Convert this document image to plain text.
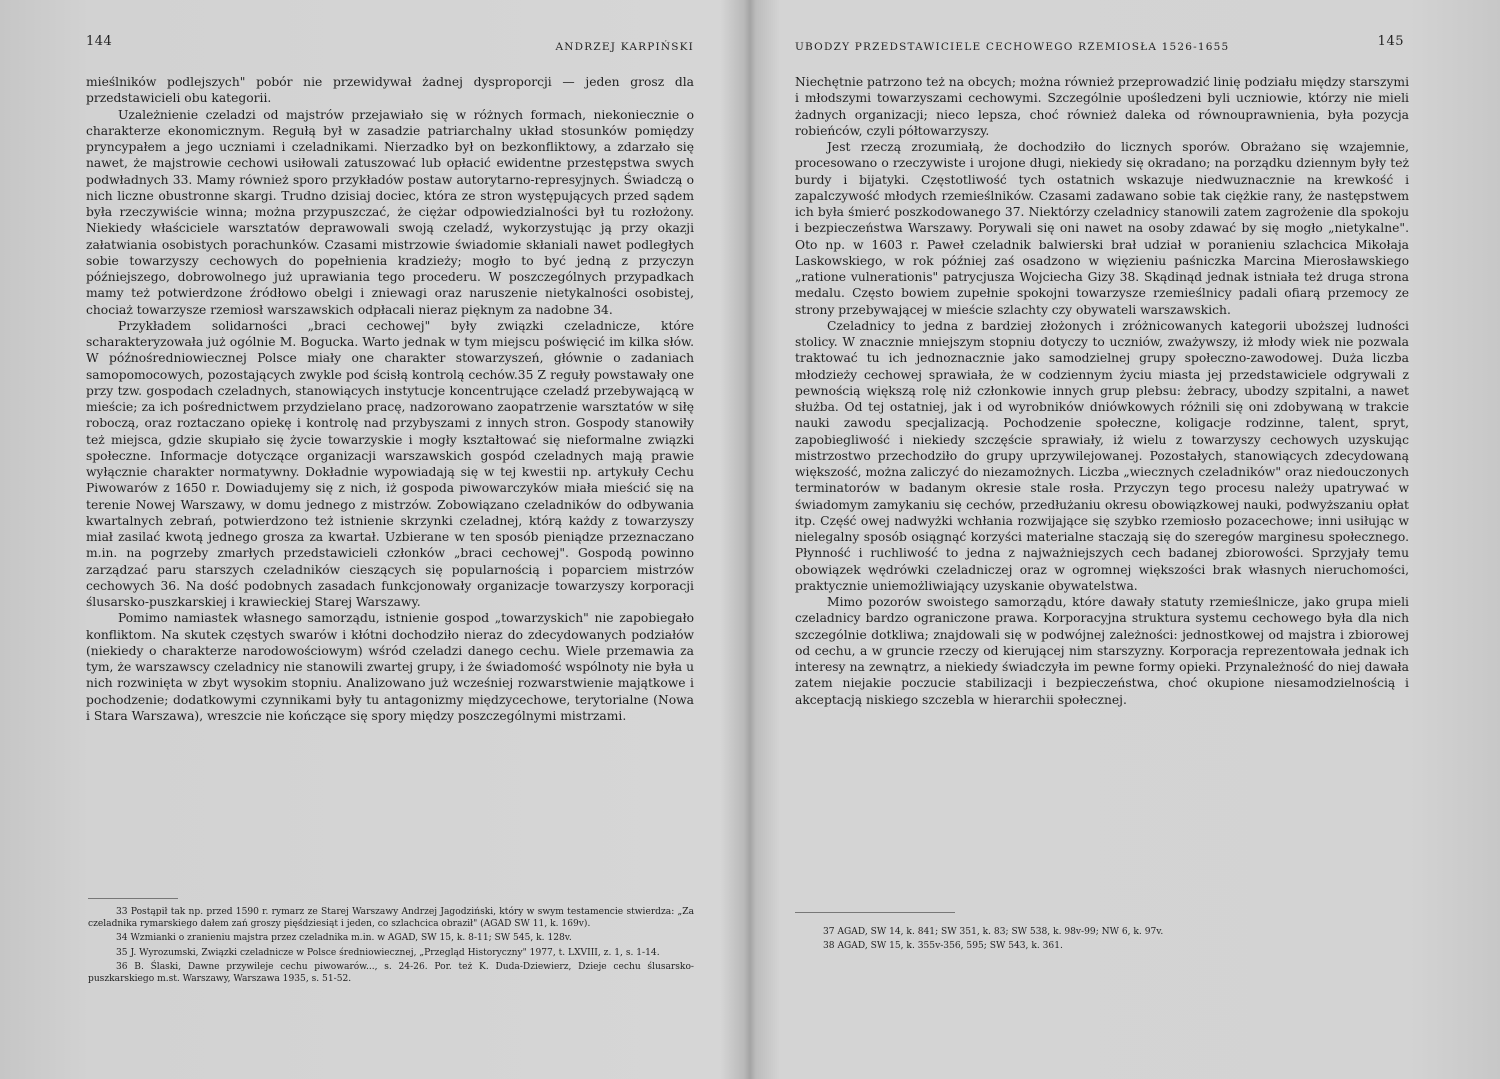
144	ANDRZEJ KARPIŃSKI

mieślników podlejszych" pobór nie przewidywał żadnej dysproporcji — jeden grosz dla przedstawicieli obu kategorii.

Uzależnienie czeladzi od majstrów przejawiało się w różnych formach, niekoniecznie o charakterze ekonomicznym. Regułą był w zasadzie patriarchalny układ stosunków pomiędzy pryncypałem a jego uczniami i czeladnikami. Nierzadko był on bezkonfliktowy, a zdarzało się nawet, że majstrowie cechowi usiłowali zatuszować lub opłacić ewidentne przestępstwa swych podwładnych 33. Mamy również sporo przykładów postaw autorytarno-represyjnych. Świadczą o nich liczne obustronne skargi. Trudno dzisiaj dociec, która ze stron występujących przed sądem była rzeczywiście winna; można przypuszczać, że ciężar odpowiedzialności był tu rozłożony. Niekiedy właściciele warsztatów deprawowali swoją czeladź, wykorzystując ją przy okazji załatwiania osobistych porachunków. Czasami mistrzowie świadomie skłaniali nawet podległych sobie towarzyszy cechowych do popełnienia kradzieży; mogło to być jedną z przyczyn późniejszego, dobrowolnego już uprawiania tego procederu. W poszczególnych przypadkach mamy też potwierdzone źródłowo obelgi i zniewagi oraz naruszenie nietykalności osobistej, chociaż towarzysze rzemiosł warszawskich odpłacali nieraz pięknym za nadobne 34.

Przykładem solidarności „braci cechowej" były związki czeladnicze, które scharakteryzowała już ogólnie M. Bogucka. Warto jednak w tym miejscu poświęcić im kilka słów. W późnośredniowiecznej Polsce miały one charakter stowarzyszeń, głównie o zadaniach samopomocowych, pozostających zwykle pod ścisłą kontrolą cechów.35 Z reguły powstawały one przy tzw. gospodach czeladnych, stanowiących instytucje koncentrujące czeladź przebywającą w mieście; za ich pośrednictwem przydzielano pracę, nadzorowano zaopatrzenie warsztatów w siłę roboczą, oraz roztaczano opiekę i kontrolę nad przybyszami z innych stron. Gospody stanowiły też miejsca, gdzie skupiało się życie towarzyskie i mogły kształtować się nieformalne związki społeczne. Informacje dotyczące organizacji warszawskich gospód czeladnych mają prawie wyłącznie charakter normatywny. Dokładnie wypowiadają się w tej kwestii np. artykuły Cechu Piwowarów z 1650 r. Dowiadujemy się z nich, iż gospoda piwowarczyków miała mieścić się na terenie Nowej Warszawy, w domu jednego z mistrzów. Zobowiązano czeladników do odbywania kwartalnych zebrań, potwierdzono też istnienie skrzynki czeladnej, którą każdy z towarzyszy miał zasilać kwotą jednego grosza za kwartał. Uzbierane w ten sposób pieniądze przeznaczano m.in. na pogrzeby zmarłych przedstawicieli członków „braci cechowej". Gospodą powinno zarządzać paru starszych czeladników cieszących się popularnością i poparciem mistrzów cechowych 36. Na dość podobnych zasadach funkcjonowały organizacje towarzyszy korporacji ślusarsko-puszkarskiej i krawieckiej Starej Warszawy.

Pomimo namiastek własnego samorządu, istnienie gospod „towarzyskich" nie zapobiegało konfliktom. Na skutek częstych swarów i kłótni dochodziło nieraz do zdecydowanych podziałów (niekiedy o charakterze narodowościowym) wśród czeladzi danego cechu. Wiele przemawia za tym, że warszawscy czeladnicy nie stanowili zwartej grupy, i że świadomość wspólnoty nie była u nich rozwinięta w zbyt wysokim stopniu. Analizowano już wcześniej rozwarstwienie majątkowe i pochodzenie; dodatkowymi czynnikami były tu antagonizmy międzycechowe, terytorialne (Nowa i Stara Warszawa), wreszcie nie kończące się spory między poszczególnymi mistrzami.

33 Postąpił tak np. przed 1590 r. rymarz ze Starej Warszawy Andrzej Jagodziński, który w swym testamencie stwierdza: „Za czeladnika rymarskiego dałem zań groszy pięśdziesiąt i jeden, co szlachcica obraził" (AGAD SW 11, k. 169v).

34 Wzmianki o zranieniu majstra przez czeladnika m.in. w AGAD, SW 15, k. 8-11; SW 545, k. 128v.

35 J. Wyrozumski, Związki czeladnicze w Polsce średniowiecznej, „Przegląd Historyczny" 1977, t. LXVIII, z. 1, s. 1-14.

36 B. Ślaski, Dawne przywileje cechu piwowarów..., s. 24-26. Por. też K. Duda-Dziewierz, Dzieje cechu ślusarsko-puszkarskiego m.st. Warszawy, Warszawa 1935, s. 51-52.

UBODZY PRZEDSTAWICIELE CECHOWEGO RZEMIOSŁA 1526-1655	145

Niechętnie patrzono też na obcych; można również przeprowadzić linię podziału między starszymi i młodszymi towarzyszami cechowymi. Szczególnie upośledzeni byli uczniowie, którzy nie mieli żadnych organizacji; nieco lepsza, choć również daleka od równouprawnienia, była pozycja robieńców, czyli półtowarzyszy.

Jest rzeczą zrozumiałą, że dochodziło do licznych sporów. Obrażano się wzajemnie, procesowano o rzeczywiste i urojone długi, niekiedy się okradano; na porządku dziennym były też burdy i bijatyki. Częstotliwość tych ostatnich wskazuje niedwuznacznie na krewkość i zapalczywość młodych rzemieślników. Czasami zadawano sobie tak ciężkie rany, że następstwem ich była śmierć poszkodowanego 37. Niektórzy czeladnicy stanowili zatem zagrożenie dla spokoju i bezpieczeństwa Warszawy. Porywali się oni nawet na osoby zdawać by się mogło „nietykalne". Oto np. w 1603 r. Paweł czeladnik balwierski brał udział w poranieniu szlachcica Mikołaja Laskowskiego, w rok później zaś osadzono w więzieniu paśniczka Marcina Mierosławskiego „ratione vulnerationis" patrycjusza Wojciecha Gizy 38. Skądinąd jednak istniała też druga strona medalu. Często bowiem zupełnie spokojni towarzysze rzemieślnicy padali ofiarą przemocy ze strony przebywającej w mieście szlachty czy obywateli warszawskich.

Czeladnicy to jedna z bardziej złożonych i zróżnicowanych kategorii uboższej ludności stolicy. W znacznie mniejszym stopniu dotyczy to uczniów, zważywszy, iż młody wiek nie pozwala traktować tu ich jednoznacznie jako samodzielnej grupy społeczno-zawodowej. Duża liczba młodzieży cechowej sprawiała, że w codziennym życiu miasta jej przedstawiciele odgrywali z pewnością większą rolę niż członkowie innych grup plebsu: żebracy, ubodzy szpitalni, a nawet służba. Od tej ostatniej, jak i od wyrobników dniówkowych różnili się oni zdobywaną w trakcie nauki zawodu specjalizacją. Pochodzenie społeczne, koligacje rodzinne, talent, spryt, zapobiegliwość i niekiedy szczęście sprawiały, iż wielu z towarzyszy cechowych uzyskując mistrzostwo przechodziło do grupy uprzywilejowanej. Pozostałych, stanowiących zdecydowaną większość, można zaliczyć do niezamożnych. Liczba „wiecznych czeladników" oraz niedouczonych terminatorów w badanym okresie stale rosła. Przyczyn tego procesu należy upatrywać w świadomym zamykaniu się cechów, przedłużaniu okresu obowiązkowej nauki, podwyższaniu opłat itp. Część owej nadwyżki wchłania rozwijające się szybko rzemiosło pozacechowe; inni usiłując w nielegalny sposób osiągnąć korzyści materialne staczają się do szeregów marginesu społecznego. Płynność i ruchliwość to jedna z najważniejszych cech badanej zbiorowości. Sprzyjały temu obowiązek wędrówki czeladniczej oraz w ogromnej większości brak własnych nieruchomości, praktycznie uniemożliwiający uzyskanie obywatelstwa.

Mimo pozorów swoistego samorządu, które dawały statuty rzemieślnicze, jako grupa mieli czeladnicy bardzo ograniczone prawa. Korporacyjna struktura systemu cechowego była dla nich szczególnie dotkliwa; znajdowali się w podwójnej zależności: jednostkowej od majstra i zbiorowej od cechu, a w gruncie rzeczy od kierującej nim starszyzny. Korporacja reprezentowała jednak ich interesy na zewnątrz, a niekiedy świadczyła im pewne formy opieki. Przynależność do niej dawała zatem niejakie poczucie stabilizacji i bezpieczeństwa, choć okupione niesamodzielnością i akceptacją niskiego szczebla w hierarchii społecznej.

37 AGAD, SW 14, k. 841; SW 351, k. 83; SW 538, k. 98v-99; NW 6, k. 97v.

38 AGAD, SW 15, k. 355v-356, 595; SW 543, k. 361.
